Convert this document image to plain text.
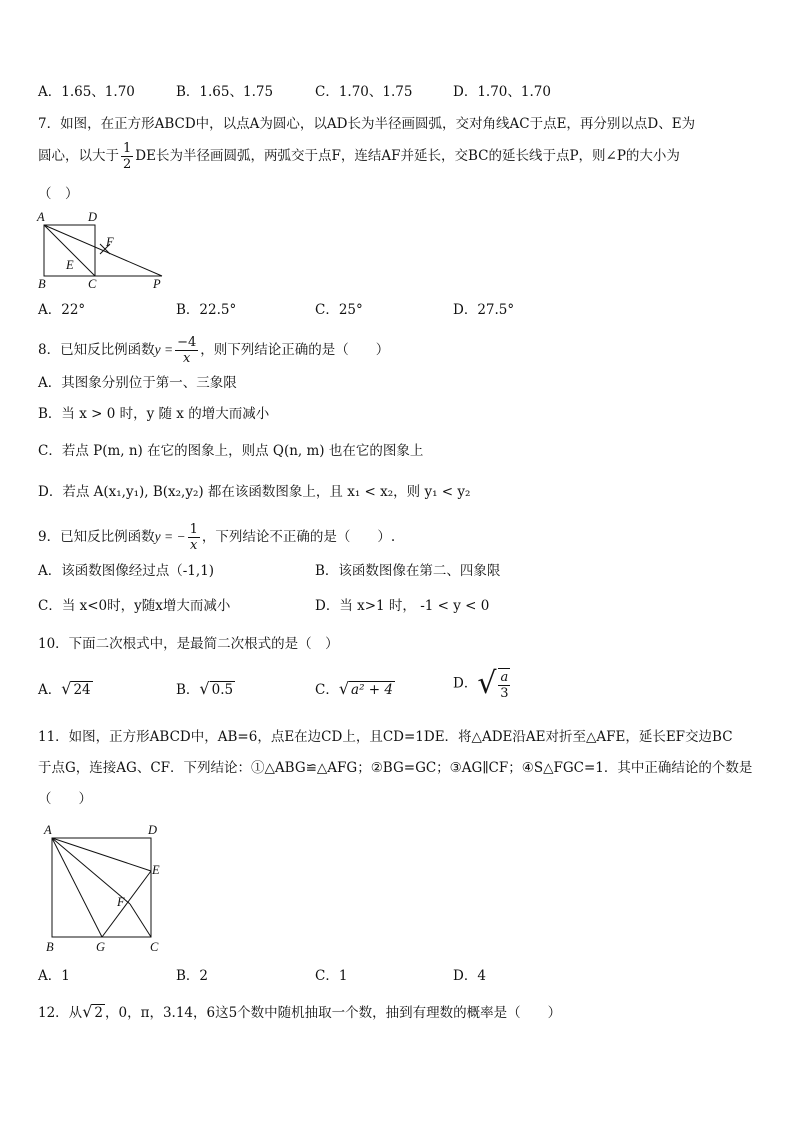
A．1.65、1.70	B．1.65、1.75	C．1.70、1.75	D．1.70、1.70
7．如图，在正方形ABCD中，以点A为圆心，以AD长为半径画圆弧，交对角线AC于点E，再分别以点D、E为
圆心，以大于 $\frac{1}{2}$ DE长为半径画圆弧，两弧交于点F，连结AF并延长，交BC的延长线于点P，则∠P的大小为
（　）
A	D
F
E
B	C	P
A．22°	B．22.5°	C．25°	D．27.5°
8．已知反比例函数$y = \frac{-4}{x}$ ，则下列结论正确的是（　　）
A．其图象分别位于第一、三象限
B．当 x > 0 时，y 随 x 的增大而减小
C．若点 P(m, n) 在它的图象上，则点 Q(n, m) 也在它的图象上
D．若点 A(x₁,y₁), B(x₂,y₂) 都在该函数图象上，且 x₁ < x₂，则 y₁ < y₂
9．已知反比例函数y = − $\frac{1}{x}$ ，下列结论不正确的是（　　）.
A．该函数图像经过点（-1,1)	B．该函数图像在第二、四象限
C．当 x<0时，y随x增大而减小	D．当 x>1 时， -1 < y < 0
10．下面二次根式中，是最简二次根式的是（　）
A．√ 24	B．√ 0.5	C．√ a² + 4	D．√ $\frac{a}{3}$
11．如图，正方形ABCD中，AB=6，点E在边CD上，且CD=1DE．将△ADE沿AE对折至△AFE，延长EF交边BC
于点G，连接AG、CF．下列结论：①△ABG≌△AFG；②BG=GC；③AG∥CF；④S△FGC=1．其中正确结论的个数是
（　　）
A	D
E
F
B	G	C
A．1	B．2	C．1	D．4
12．从√ 2 ，0，π，3.14，6这5个数中随机抽取一个数，抽到有理数的概率是（　　）
